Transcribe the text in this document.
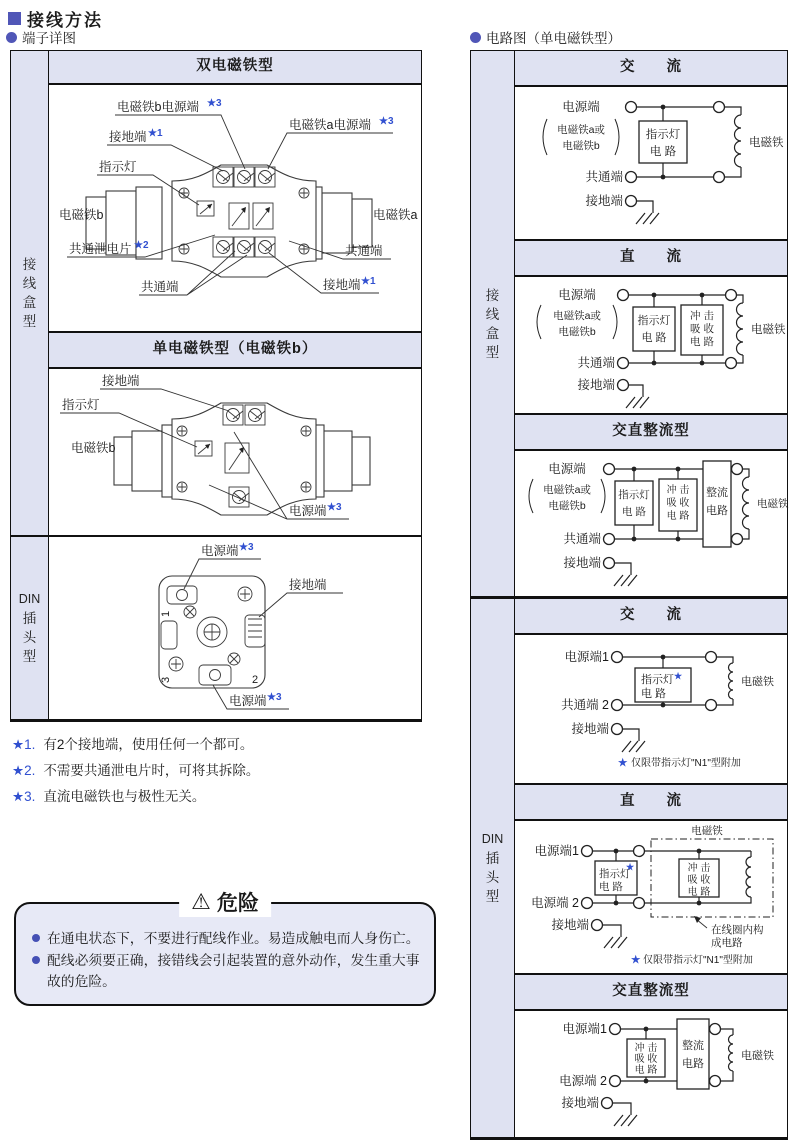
接线方法
端子详图	电路图（单电磁铁型）
接
线
盒
型
双电磁铁型
电磁铁b电源端 ★3
接地端 ★1
指示灯
电磁铁a电源端 ★3
电磁铁b	电磁铁a
共通泄电片 ★2	共通端
共通端	接地端 ★1
单电磁铁型（电磁铁b）
接地端
指示灯
电磁铁b
电源端 ★3
DIN
插
头
型
1
2
3
电源端 ★3
接地端
电源端 ★3
★1. 有2个接地端，使用任何一个都可。
★2. 不需要共通泄电片时，可将其拆除。
★3. 直流电磁铁也与极性无关。
⚠ 危险
在通电状态下，不要进行配线作业。易造成触电而人身伤亡。
配线必须要正确，接错线会引起装置的意外动作，发生重大事故的危险。
接
线
盒
型
交　　流
电源端
电磁铁a或
电磁铁b
指示灯
电 路
电磁铁
共通端
接地端
直　　流
电源端
电磁铁a或
电磁铁b
指示灯
电 路
冲 击
吸 收
电 路
电磁铁
共通端
接地端
交直整流型
电源端
电磁铁a或
电磁铁b
指示灯
电 路
冲 击
吸 收
电 路
整流
电路
电磁铁
共通端
接地端
DIN
插
头
型
交　　流
电源端1
指示灯 ★
电 路
电磁铁
共通端 2
接地端
★ 仅限带指示灯"N1"型附加
直　　流
电磁铁
电源端1
电源端 2
★
指示灯
电 路
冲 击
吸 收
电 路
在线圈内构
成电路
接地端
★ 仅限带指示灯"N1"型附加
交直整流型
电源端1
电源端 2
冲 击
吸 收
电 路
整流
电路
电磁铁
接地端
